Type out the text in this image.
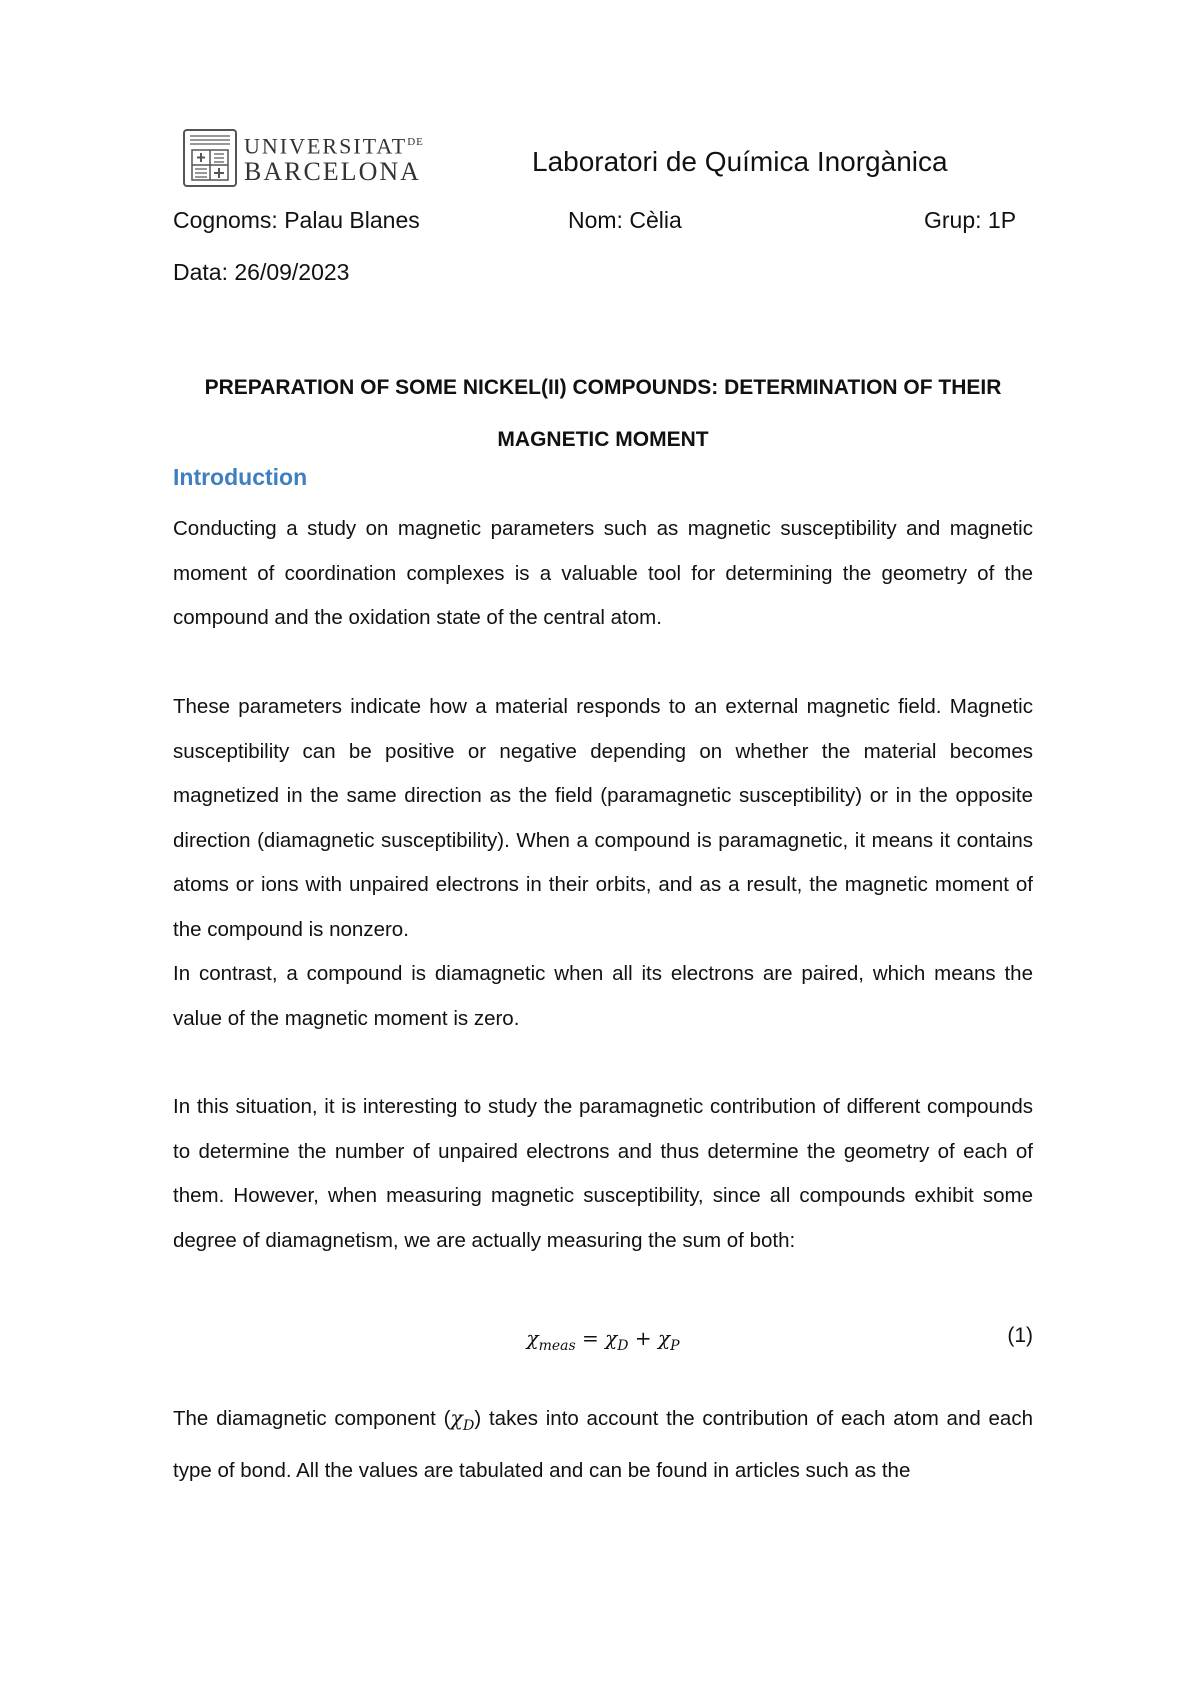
$UNIVERSITAT^{DE}$
BARCELONA	Laboratori de Química Inorgànica
Cognoms: Palau Blanes	Nom: Cèlia	Grup: 1P
Data: 26/09/2023
PREPARATION OF SOME NICKEL(II) COMPOUNDS: DETERMINATION OF THEIR MAGNETIC MOMENT
Introduction

Conducting a study on magnetic parameters such as magnetic susceptibility and magnetic moment of coordination complexes is a valuable tool for determining the geometry of the compound and the oxidation state of the central atom.

These parameters indicate how a material responds to an external magnetic field. Magnetic susceptibility can be positive or negative depending on whether the material becomes magnetized in the same direction as the field (paramagnetic susceptibility) or in the opposite direction (diamagnetic susceptibility). When a compound is paramagnetic, it means it contains atoms or ions with unpaired electrons in their orbits, and as a result, the magnetic moment of the compound is nonzero.

In contrast, a compound is diamagnetic when all its electrons are paired, which means the value of the magnetic moment is zero.

In this situation, it is interesting to study the paramagnetic contribution of different compounds to determine the number of unpaired electrons and thus determine the geometry of each of them. However, when measuring magnetic susceptibility, since all compounds exhibit some degree of diamagnetism, we are actually measuring the sum of both:

$\chi_{meas} = \chi_D + \chi_P$	(1)

The diamagnetic component $(\chi_D)$ takes into account the contribution of each atom and each type of bond. All the values are tabulated and can be found in articles such as the
